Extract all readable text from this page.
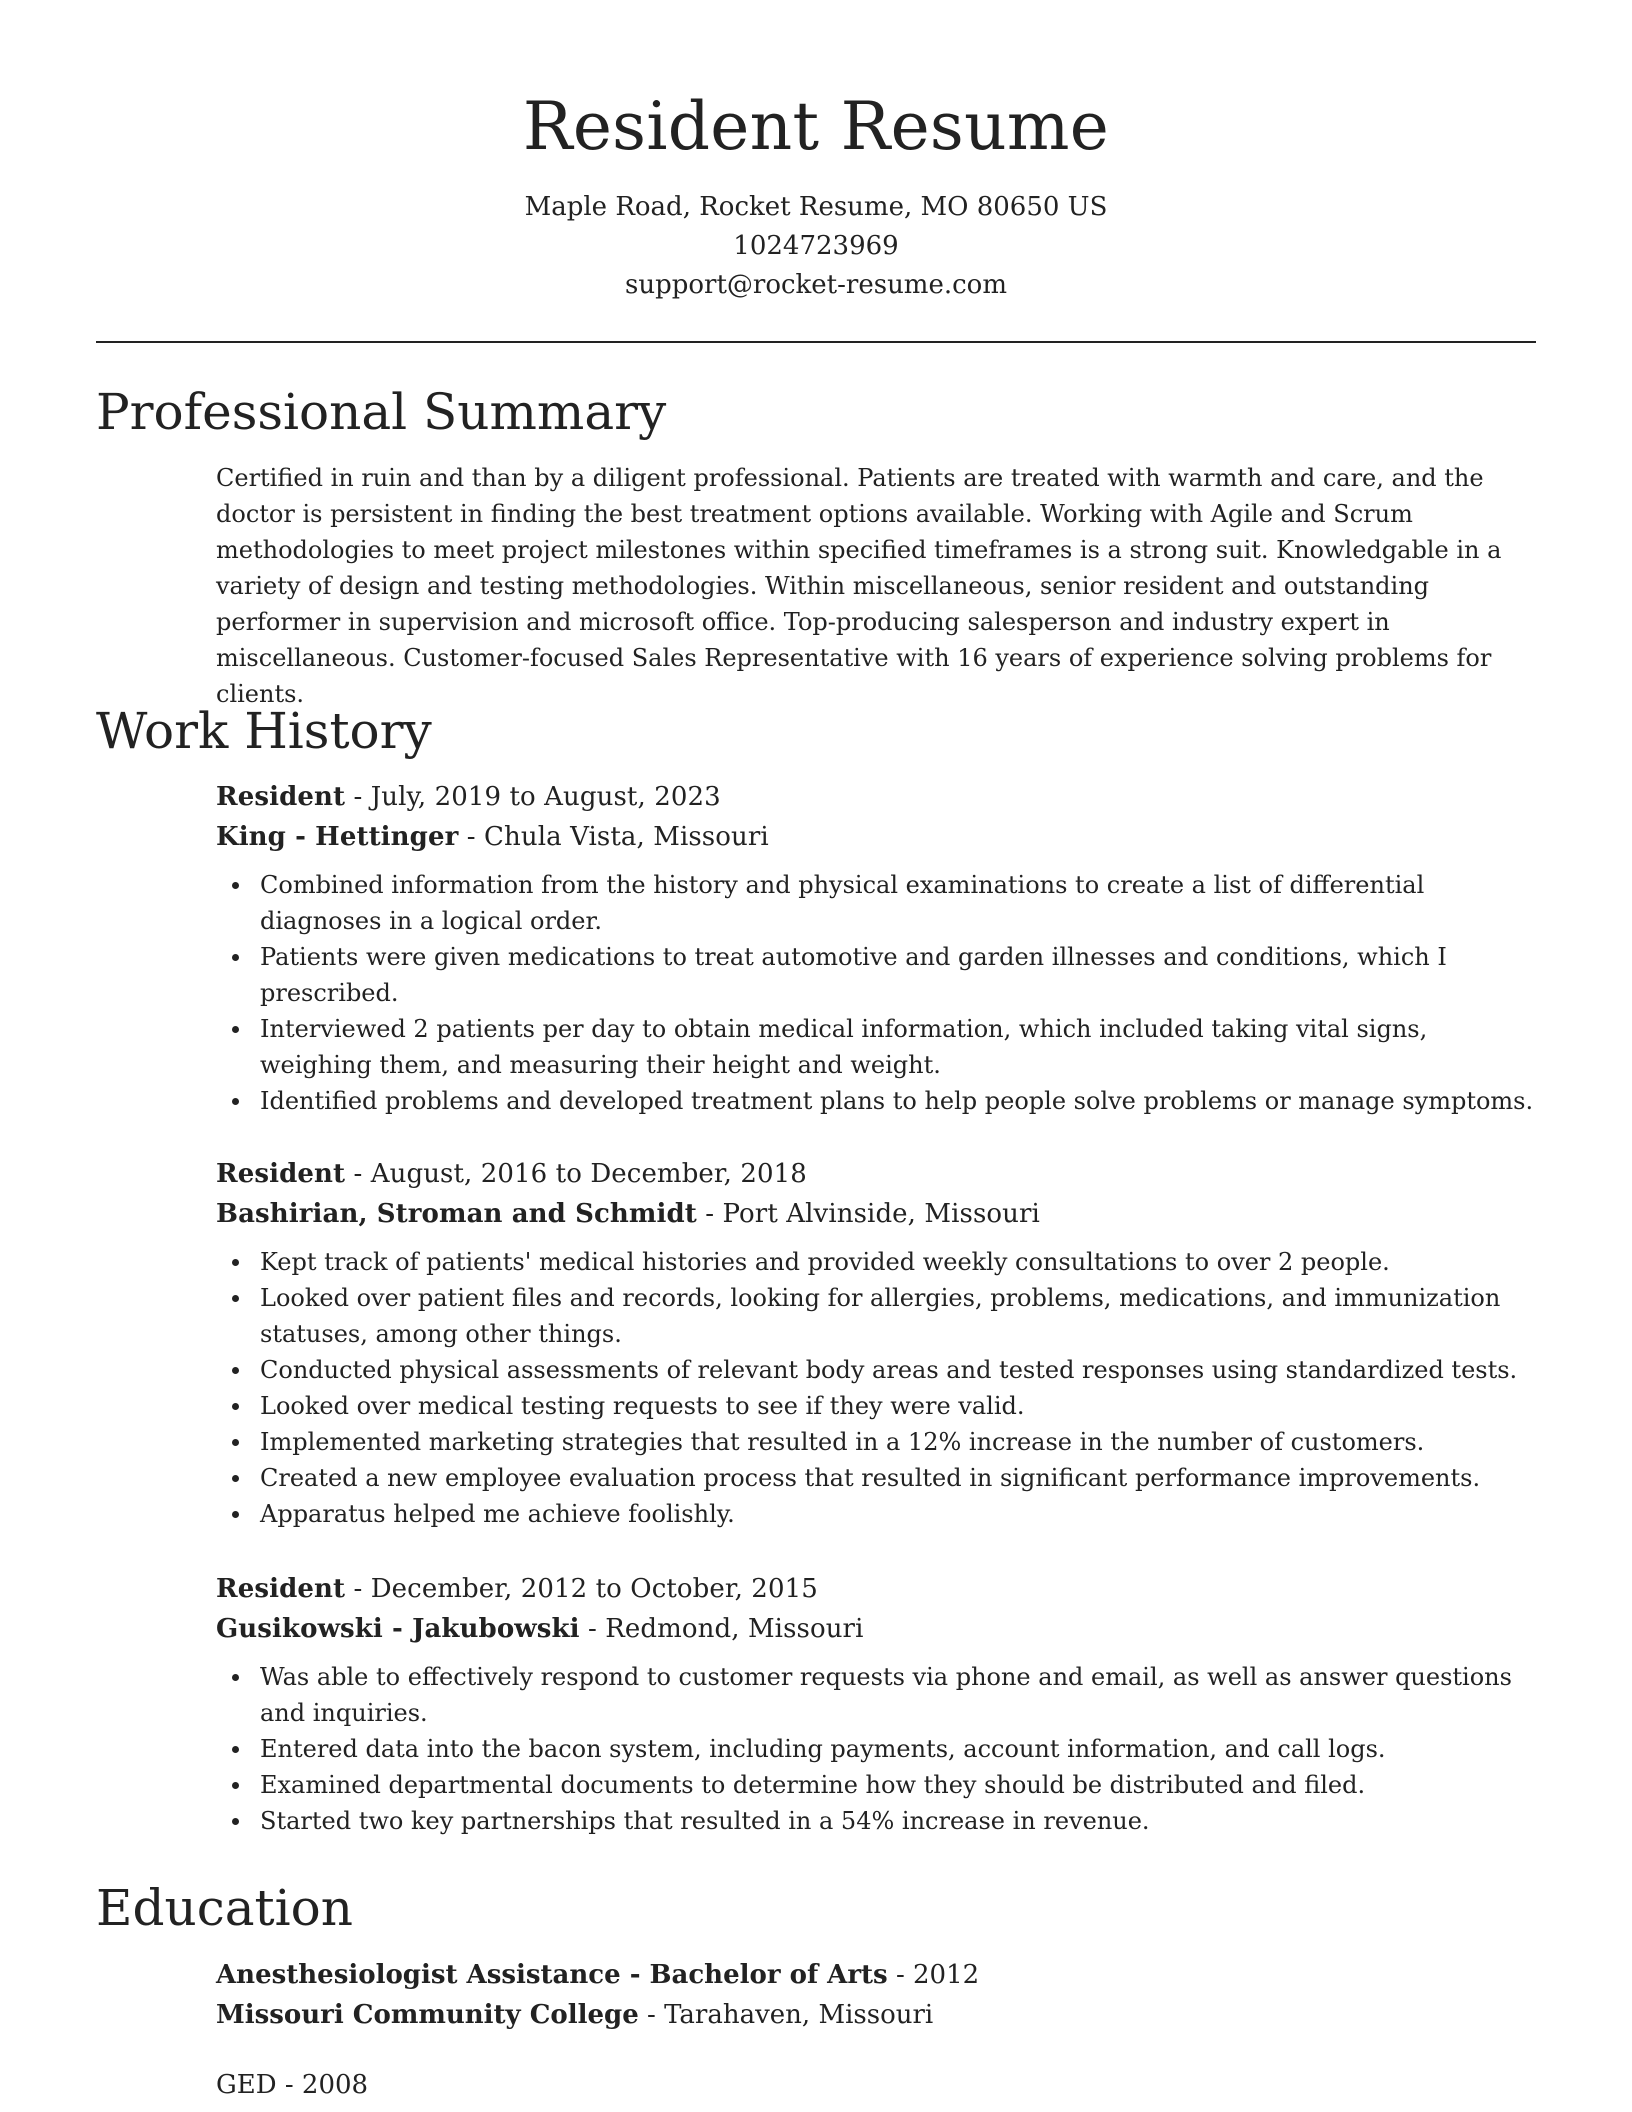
Resident Resume
Maple Road, Rocket Resume, MO 80650 US
1024723969
support@rocket-resume.com
Professional Summary

Certified in ruin and than by a diligent professional. Patients are treated with warmth and care, and the doctor is persistent in finding the best treatment options available. Working with Agile and Scrum methodologies to meet project milestones within specified timeframes is a strong suit. Knowledgable in a variety of design and testing methodologies. Within miscellaneous, senior resident and outstanding performer in supervision and microsoft office. Top-producing salesperson and industry expert in miscellaneous. Customer-focused Sales Representative with 16 years of experience solving problems for clients.

Work History

Resident - July, 2019 to August, 2023

King - Hettinger - Chula Vista, Missouri

Combined information from the history and physical examinations to create a list of differential diagnoses in a logical order.
Patients were given medications to treat automotive and garden illnesses and conditions, which I prescribed.
Interviewed 2 patients per day to obtain medical information, which included taking vital signs, weighing them, and measuring their height and weight.
Identified problems and developed treatment plans to help people solve problems or manage symptoms.

Resident - August, 2016 to December, 2018

Bashirian, Stroman and Schmidt - Port Alvinside, Missouri

Kept track of patients' medical histories and provided weekly consultations to over 2 people.
Looked over patient files and records, looking for allergies, problems, medications, and immunization statuses, among other things.
Conducted physical assessments of relevant body areas and tested responses using standardized tests.
Looked over medical testing requests to see if they were valid.
Implemented marketing strategies that resulted in a 12% increase in the number of customers.
Created a new employee evaluation process that resulted in significant performance improvements.
Apparatus helped me achieve foolishly.

Resident - December, 2012 to October, 2015

Gusikowski - Jakubowski - Redmond, Missouri

Was able to effectively respond to customer requests via phone and email, as well as answer questions and inquiries.
Entered data into the bacon system, including payments, account information, and call logs.
Examined departmental documents to determine how they should be distributed and filed.
Started two key partnerships that resulted in a 54% increase in revenue.
Education

Anesthesiologist Assistance - Bachelor of Arts - 2012

Missouri Community College - Tarahaven, Missouri

GED - 2008
